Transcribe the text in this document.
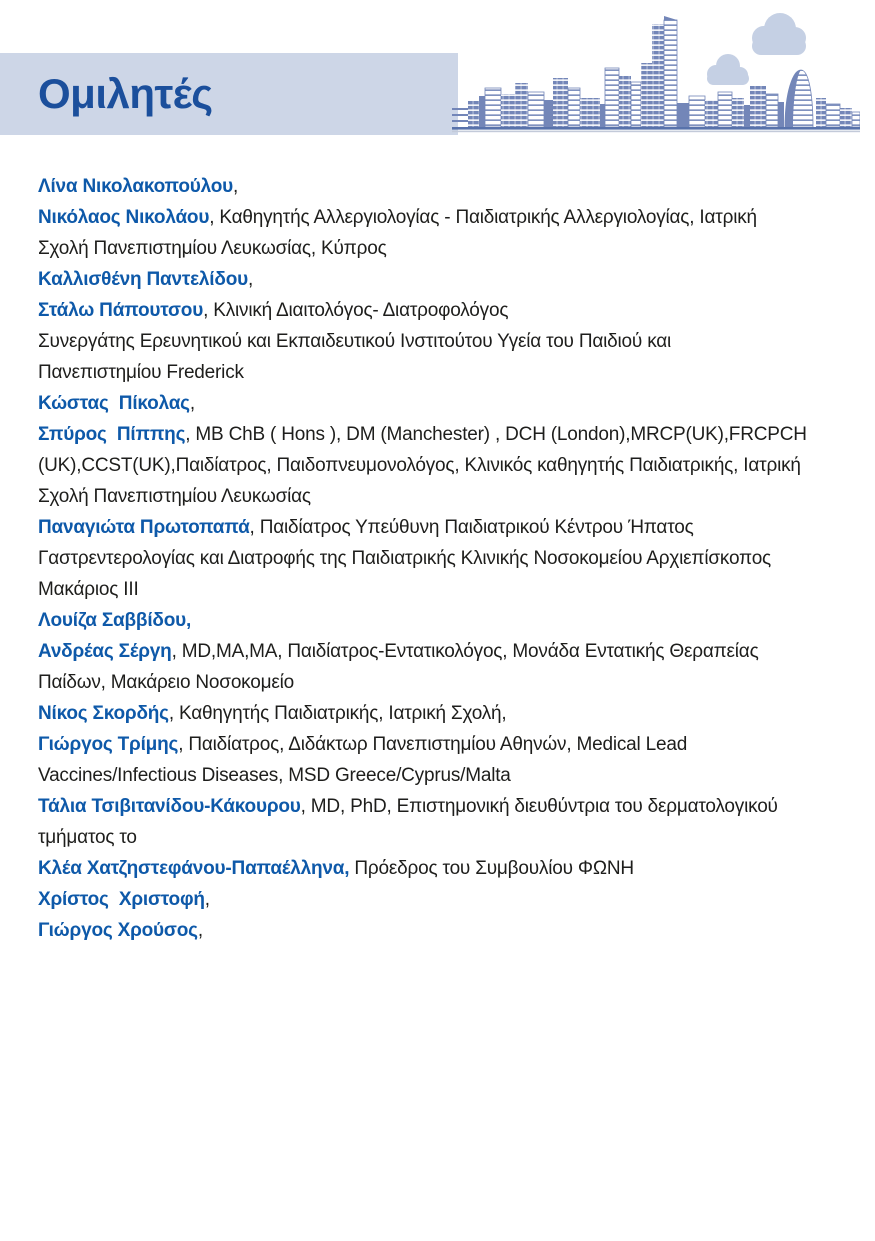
Ομιλητές
Λίνα Νικολακοπούλου,
Νικόλαος Νικολάου, Καθηγητής Αλλεργιολογίας - Παιδιατρικής Αλλεργιολογίας, Ιατρική
Σχολή Πανεπιστημίου Λευκωσίας, Κύπρος
Καλλισθένη Παντελίδου,
Στάλω Πάπουτσου, Κλινική Διαιτολόγος- Διατροφολόγος
Συνεργάτης Ερευνητικού και Εκπαιδευτικού Ινστιτούτου Υγεία του Παιδιού και
Πανεπιστημίου Frederick
Κώστας  Πίκολας,
Σπύρος  Πίππης, MB ChB ( Hons ), DM (Manchester) , DCH (London),MRCP(UK),FRCPCH
(UK),CCST(UK),Παιδίατρος, Παιδοπνευμονολόγος, Κλινικός καθηγητής Παιδιατρικής, Ιατρική
Σχολή Πανεπιστημίου Λευκωσίας
Παναγιώτα Πρωτοπαπά, Παιδίατρος Υπεύθυνη Παιδιατρικού Κέντρου Ήπατος
Γαστρεντερολογίας και Διατροφής της Παιδιατρικής Κλινικής Νοσοκομείου Αρχιεπίσκοπος
Μακάριος III
Λουίζα Σαββίδου,
Ανδρέας Σέργη, MD,MA,MA, Παιδίατρος-Εντατικολόγος, Μονάδα Εντατικής Θεραπείας
Παίδων, Μακάρειο Νοσοκομείο
Νίκος Σκορδής, Καθηγητής Παιδιατρικής, Ιατρική Σχολή,
Γιώργος Τρίμης, Παιδίατρος, Διδάκτωρ Πανεπιστημίου Αθηνών, Medical Lead
Vaccines/Infectious Diseases, MSD Greece/Cyprus/Malta
Τάλια Τσιβιτανίδου-Κάκουρου, MD, PhD, Επιστημονική διευθύντρια του δερματολογικού
τμήματος το
Κλέα Χατζηστεφάνου-Παπαέλληνα, Πρόεδρος του Συμβουλίου ΦΩΝΗ
Χρίστος  Χριστοφή,
Γιώργος Χρούσος,
